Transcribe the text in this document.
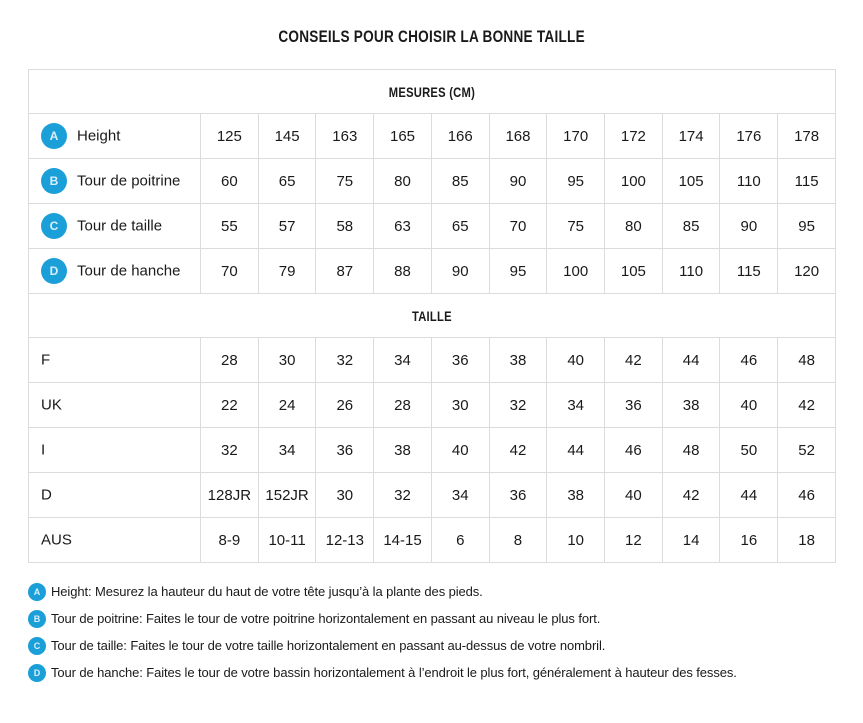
CONSEILS POUR CHOISIR LA BONNE TAILLE
MESURES (CM)											
A Height	125	145	163	165	166	168	170	172	174	176	178
B Tour de poitrine	60	65	75	80	85	90	95	100	105	110	115
C Tour de taille	55	57	58	63	65	70	75	80	85	90	95
D Tour de hanche	70	79	87	88	90	95	100	105	110	115	120
TAILLE											
F	28	30	32	34	36	38	40	42	44	46	48
UK	22	24	26	28	30	32	34	36	38	40	42
I	32	34	36	38	40	42	44	46	48	50	52
D	128JR	152JR	30	32	34	36	38	40	42	44	46
AUS	8-9	10-11	12-13	14-15	6	8	10	12	14	16	18
A Height: Mesurez la hauteur du haut de votre tête jusqu’à la plante des pieds.
B Tour de poitrine: Faites le tour de votre poitrine horizontalement en passant au niveau le plus fort.
C Tour de taille: Faites le tour de votre taille horizontalement en passant au-dessus de votre nombril.
D Tour de hanche: Faites le tour de votre bassin horizontalement à l’endroit le plus fort, généralement à hauteur des fesses.
